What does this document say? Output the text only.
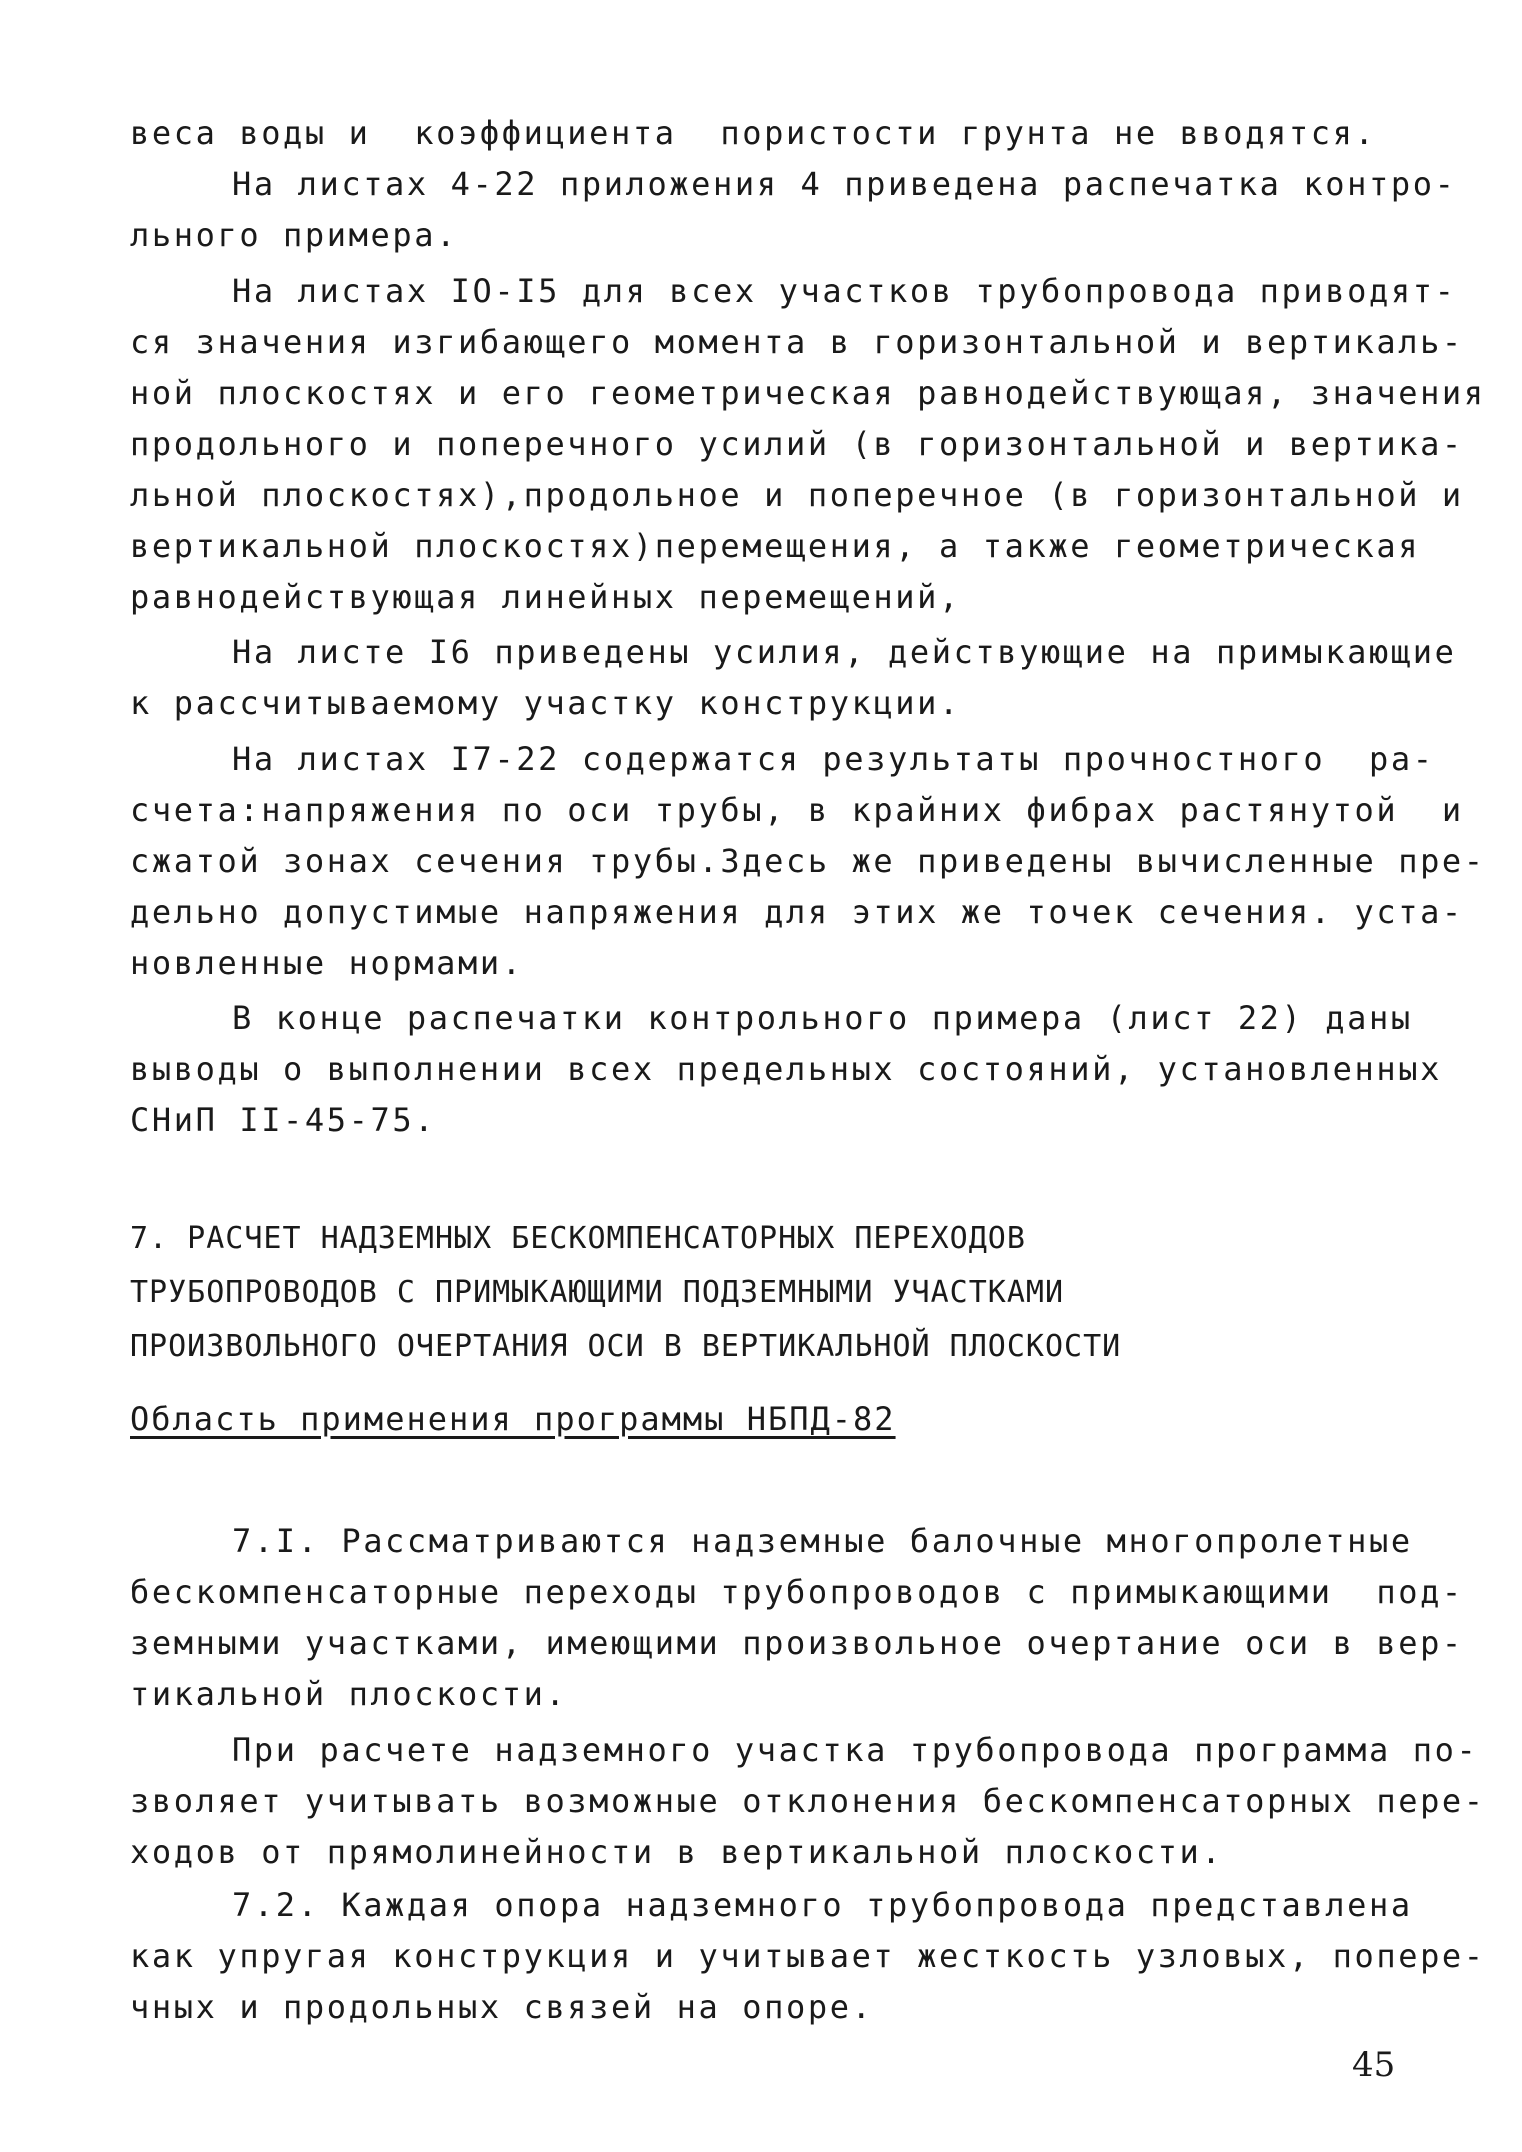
веса воды и  коэффициента  пористости грунта не вводятся.
На листах 4-22 приложения 4 приведена распечатка контро-
льного примера.
На листах IO-I5 для всех участков трубопровода приводят-
ся значения изгибающего момента в горизонтальной и вертикаль-
ной плоскостях и его геометрическая равнодействующая, значения
продольного и поперечного усилий (в горизонтальной и вертика-
льной плоскостях),продольное и поперечное (в горизонтальной и
вертикальной плоскостях)перемещения, а также геометрическая
равнодействующая линейных перемещений,
На листе I6 приведены усилия, действующие на примыкающие
к рассчитываемому участку конструкции.
На листах I7-22 содержатся результаты прочностного  ра-
счета:напряжения по оси трубы, в крайних фибрах растянутой  и
сжатой зонах сечения трубы.Здесь же приведены вычисленные пре-
дельно допустимые напряжения для этих же точек сечения. уста-
новленные нормами.
В конце распечатки контрольного примера (лист 22) даны
выводы о выполнении всех предельных состояний, установленных
СНиП II-45-75.
7. РАСЧЕТ НАДЗЕМНЫХ БЕСКОМПЕНСАТОРНЫХ ПЕРЕХОДОВ
ТРУБОПРОВОДОВ С ПРИМЫКАЮЩИМИ ПОДЗЕМНЫМИ УЧАСТКАМИ
ПРОИЗВОЛЬНОГО ОЧЕРТАНИЯ ОСИ В ВЕРТИКАЛЬНОЙ ПЛОСКОСТИ
Область применения программы НБПД-82
7.I. Рассматриваются надземные балочные многопролетные
бескомпенсаторные переходы трубопроводов с примыкающими  под-
земными участками, имеющими произвольное очертание оси в вер-
тикальной плоскости.
При расчете надземного участка трубопровода программа по-
зволяет учитывать возможные отклонения бескомпенсаторных пере-
ходов от прямолинейности в вертикальной плоскости.
7.2. Каждая опора надземного трубопровода представлена
как упругая конструкция и учитывает жесткость узловых, попере-
чных и продольных связей на опоре.
45
